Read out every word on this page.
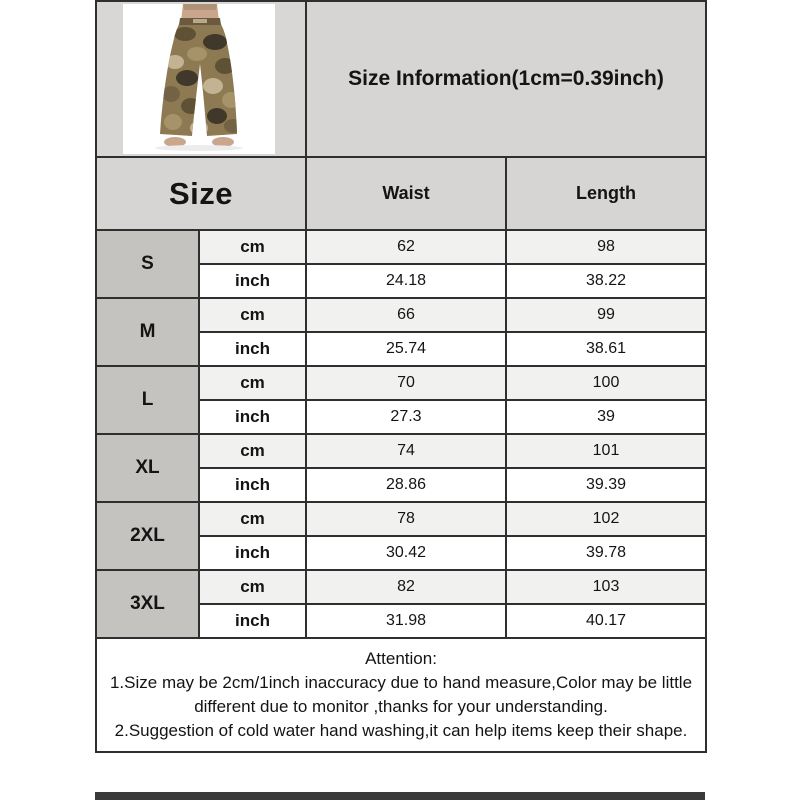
	Size Information(1cm=0.39inch)	
Size		Waist	Length
S	cm	62	98
	inch	24.18	38.22
M	cm	66	99
	inch	25.74	38.61
L	cm	70	100
	inch	27.3	39
XL	cm	74	101
	inch	28.86	39.39
2XL	cm	78	102
	inch	30.42	39.78
3XL	cm	82	103
	inch	31.98	40.17

Attention:
1.Size may be 2cm/1inch inaccuracy due to hand measure,Color may be little different due to monitor ,thanks for your understanding.
2.Suggestion of cold water hand washing,it can help items keep their shape.			
